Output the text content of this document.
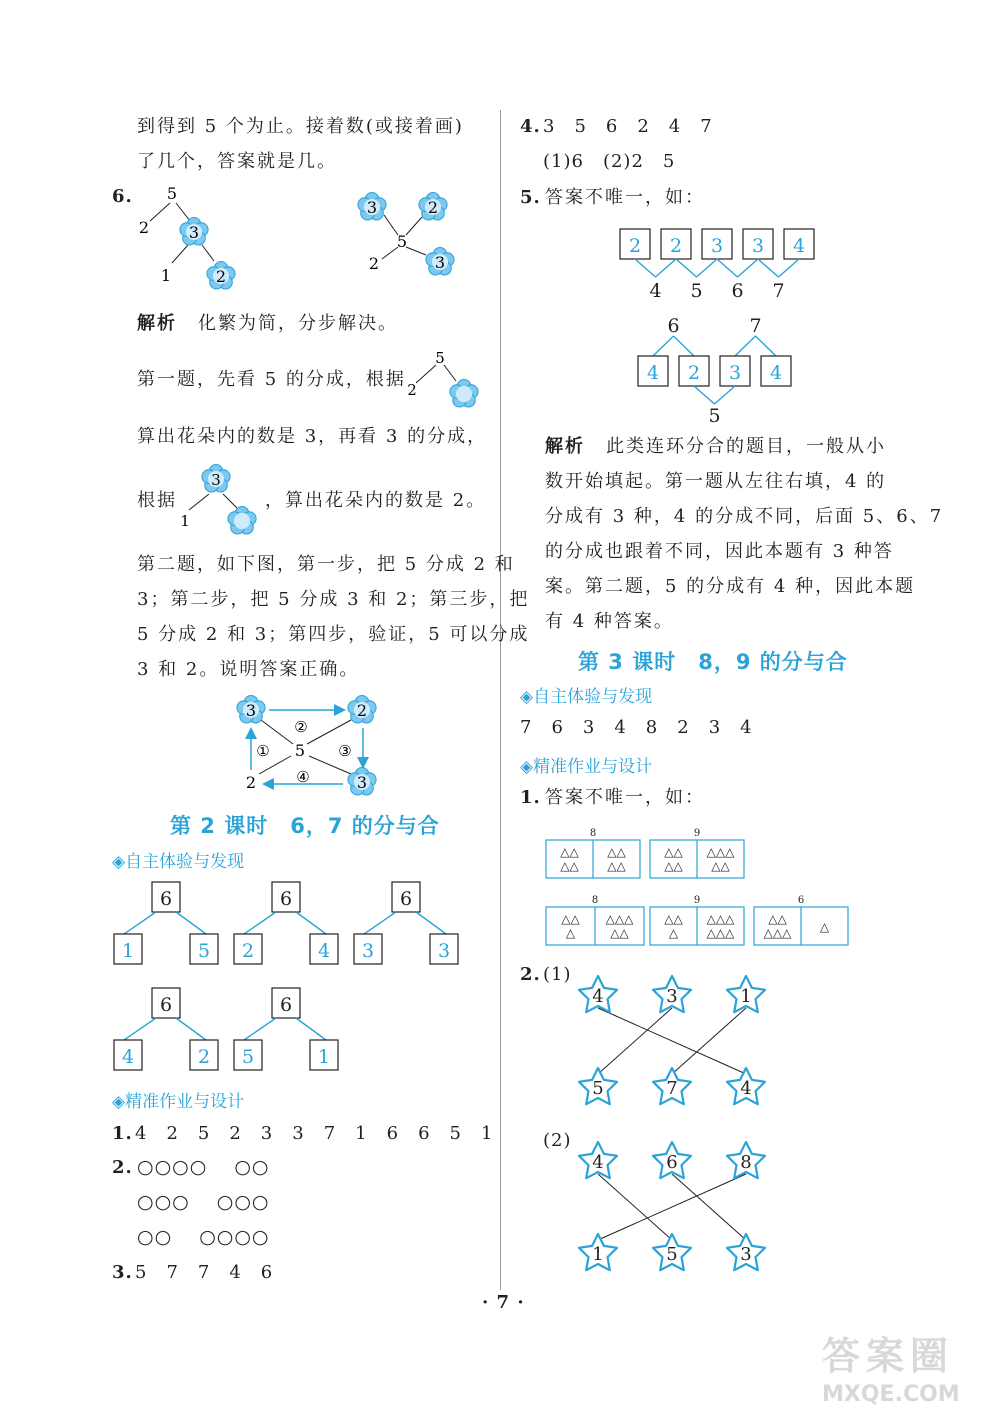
到得到 5 个为止。接着数(或接着画)
了几个，答案就是几。
6. 5
2 3
1	2
3	2
5
2	3
解析 化繁为简，分步解决。
第一题，先看 5 的分成，根据
5
2
算出花朵内的数是 3，再看 3 的分成，
根据
3
1
，算出花朵内的数是 2。
第二题，如下图，第一步，把 5 分成 2 和
3；第二步，把 5 分成 3 和 2；第三步，把
5 分成 2 和 3；第四步，验证，5 可以分成
3 和 2。说明答案正确。
3	2
5
2	3
②
①	③
④
第 2 课时　6，7 的分与合
◈自主体验与发现
6
1	5
6
2	4
6
3	3
6
4	2
6
5	1
◈精准作业与设计
1. 4　2　5　2　3　3　7　1　6　6　5　1
2. ○○○○　 ○○
○○○　 ○○○
○○　 ○○○○
3. 5　7　7　4　6
4. 3　5　6　2　4　7
(1)6　(2)2　5
5. 答案不唯一，如：
2 2 3 3 4
4 5 6 7
6	7
4 2 3 4
5
解析 此类连环分合的题目，一般从小
数开始填起。第一题从左往右填，4 的
分成有 3 种，4 的分成不同，后面 5、6、7
的分成也跟着不同，因此本题有 3 种答
案。第二题，5 的分成有 4 种，因此本题
有 4 种答案。
第 3 课时　8，9 的分与合
◈自主体验与发现
7　6　3　4　8　2　3　4
◈精准作业与设计
1. 答案不唯一，如：
8
△△
△△
△△
△△
9
△△
△△
△△△
△△
8
△△
△
△△△
△△
9
△△
△
△△△
△△△
6
△△
△△△ △
2. (1)
4	3	1
5	7	4
(2)
4	6	8
1	5	3
· 7 ·
答案圈
MXQE.COM
